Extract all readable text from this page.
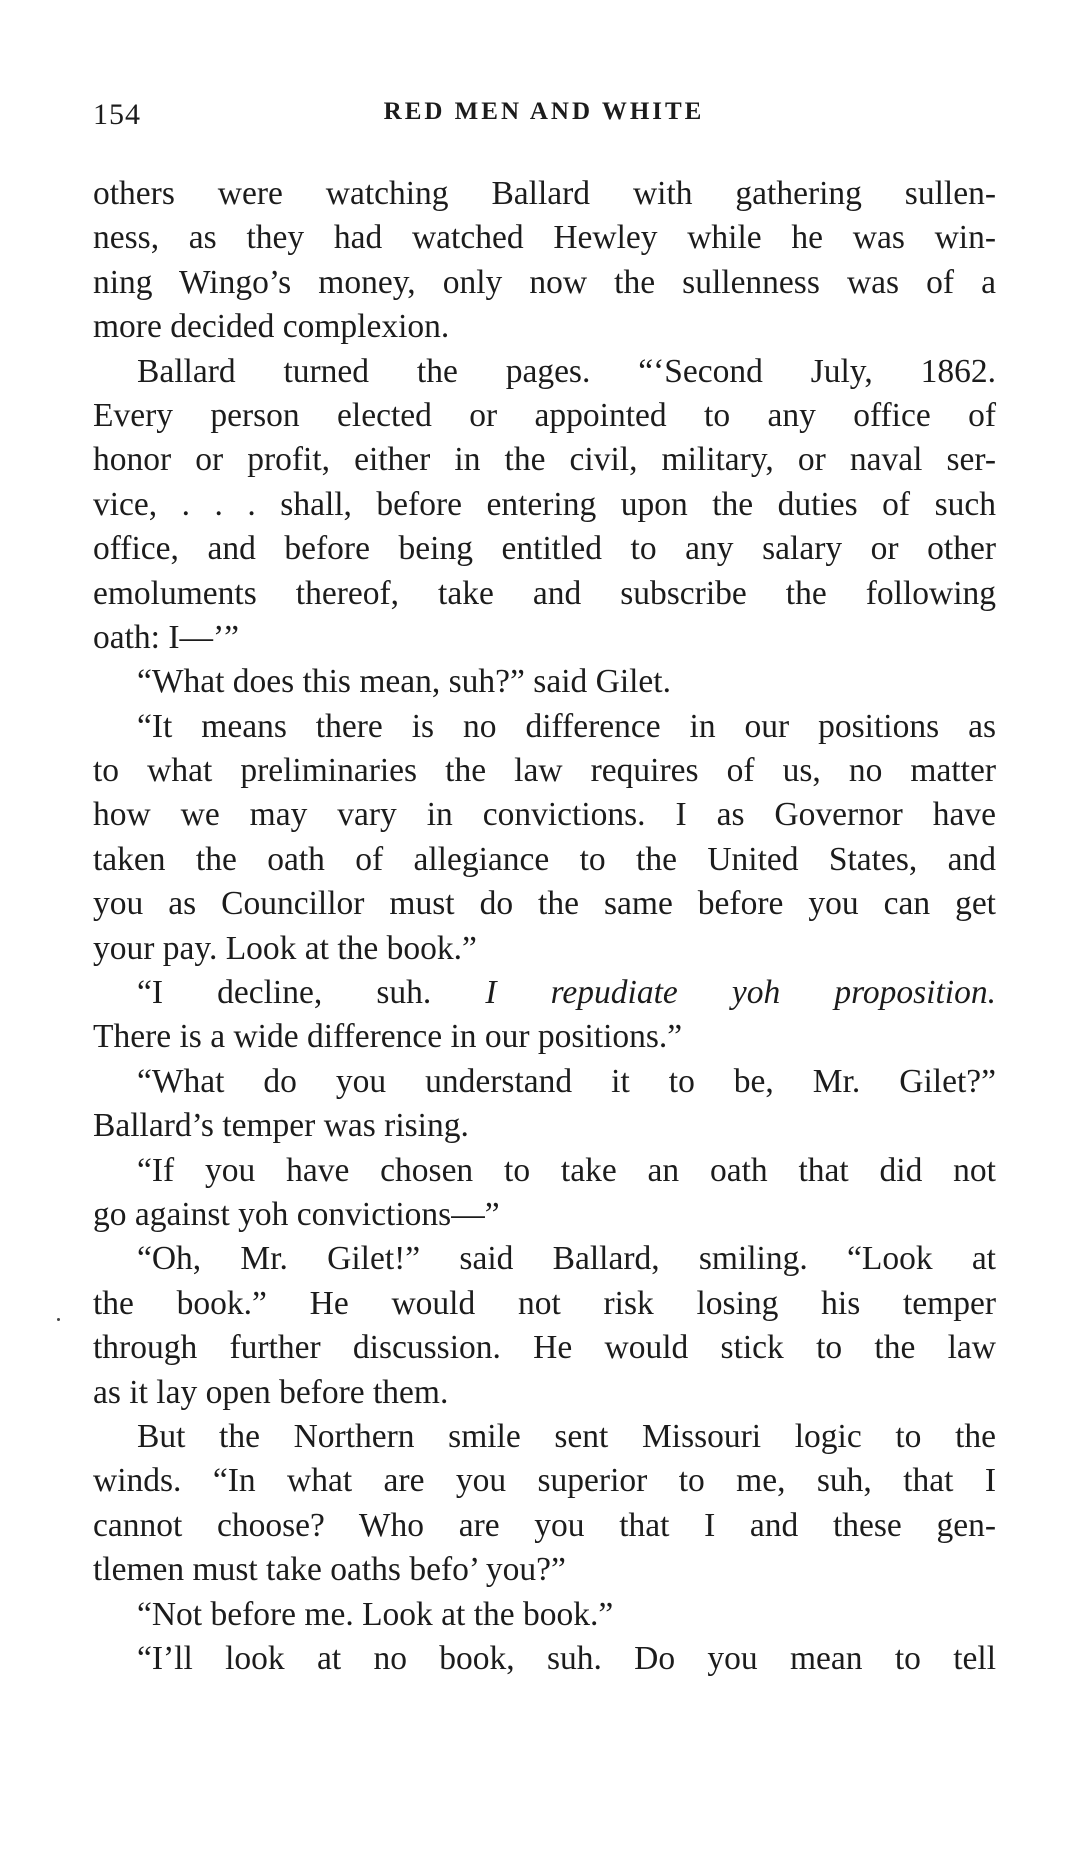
154	RED MEN AND WHITE
others were watching Ballard with gathering sullen-
ness, as they had watched Hewley while he was win-
ning Wingo’s money, only now the sullenness was of a
more decided complexion.
Ballard turned the pages. “‘Second July, 1862.
Every person elected or appointed to any office of
honor or profit, either in the civil, military, or naval ser-
vice, . . . shall, before entering upon the duties of such
office, and before being entitled to any salary or other
emoluments thereof, take and subscribe the following
oath: I—’”
“What does this mean, suh?” said Gilet.
“It means there is no difference in our positions as
to what preliminaries the law requires of us, no matter
how we may vary in convictions. I as Governor have
taken the oath of allegiance to the United States, and
you as Councillor must do the same before you can get
your pay. Look at the book.”
“I decline, suh. I repudiate yoh proposition.
There is a wide difference in our positions.”
“What do you understand it to be, Mr. Gilet?”
Ballard’s temper was rising.
“If you have chosen to take an oath that did not
go against yoh convictions—”
“Oh, Mr. Gilet!” said Ballard, smiling. “Look at
the book.” He would not risk losing his temper
through further discussion. He would stick to the law
as it lay open before them.
But the Northern smile sent Missouri logic to the
winds. “In what are you superior to me, suh, that I
cannot choose? Who are you that I and these gen-
tlemen must take oaths befo’ you?”
“Not before me. Look at the book.”
“I’ll look at no book, suh. Do you mean to tell
